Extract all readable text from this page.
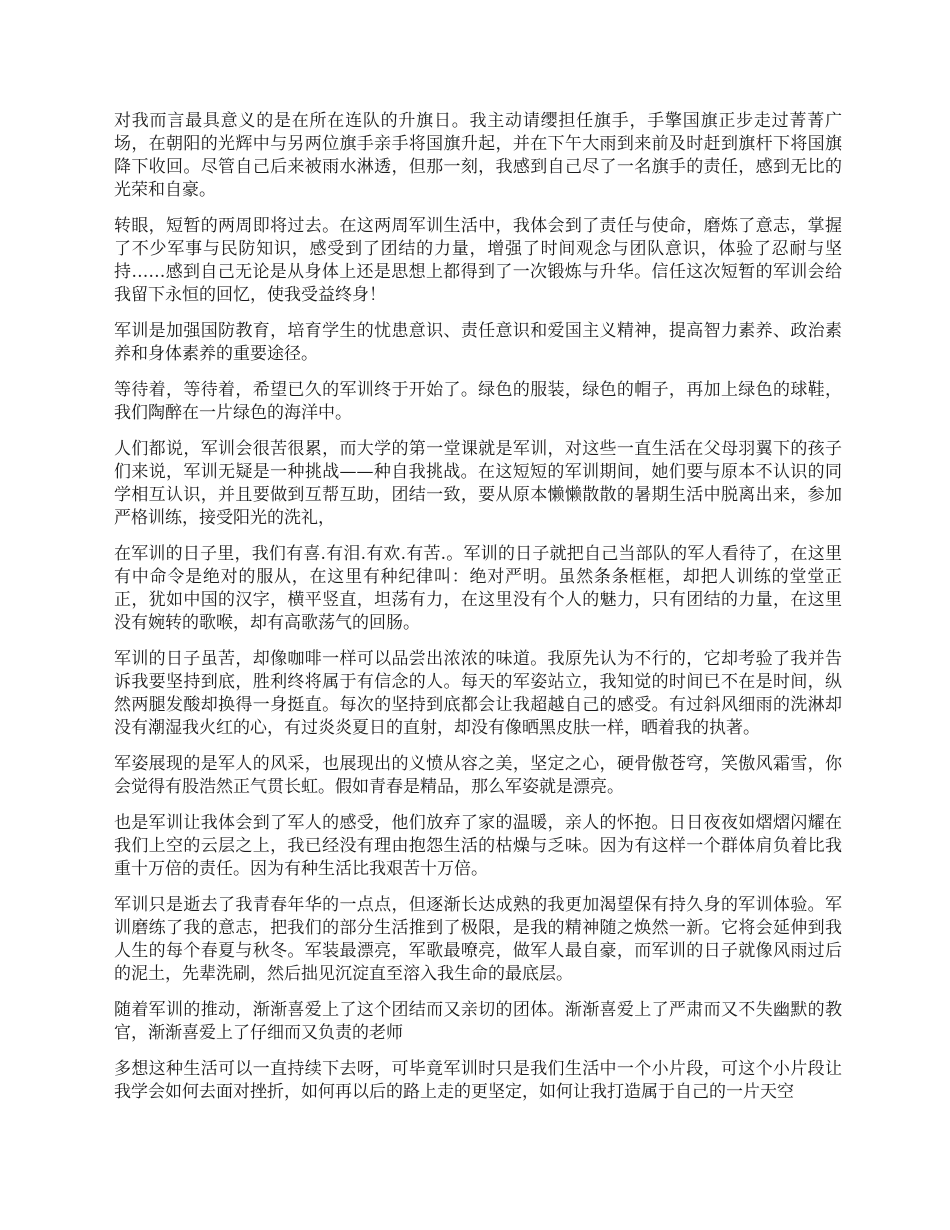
对我而言最具意义的是在所在连队的升旗日。我主动请缨担任旗手，手擎国旗正步走过菁菁广场，在朝阳的光辉中与另两位旗手亲手将国旗升起，并在下午大雨到来前及时赶到旗杆下将国旗降下收回。尽管自己后来被雨水淋透，但那一刻，我感到自己尽了一名旗手的责任，感到无比的光荣和自豪。

转眼，短暂的两周即将过去。在这两周军训生活中，我体会到了责任与使命，磨炼了意志，掌握了不少军事与民防知识，感受到了团结的力量，增强了时间观念与团队意识，体验了忍耐与坚持……感到自己无论是从身体上还是思想上都得到了一次锻炼与升华。信任这次短暂的军训会给我留下永恒的回忆，使我受益终身！

军训是加强国防教育，培育学生的忧患意识、责任意识和爱国主义精神，提高智力素养、政治素养和身体素养的重要途径。

等待着，等待着，希望已久的军训终于开始了。绿色的服装，绿色的帽子，再加上绿色的球鞋，我们陶醉在一片绿色的海洋中。

人们都说，军训会很苦很累，而大学的第一堂课就是军训，对这些一直生活在父母羽翼下的孩子们来说，军训无疑是一种挑战——种自我挑战。在这短短的军训期间，她们要与原本不认识的同学相互认识，并且要做到互帮互助，团结一致，要从原本懒懒散散的暑期生活中脱离出来，参加严格训练，接受阳光的洗礼，

在军训的日子里，我们有喜.有泪.有欢.有苦.。军训的日子就把自己当部队的军人看待了，在这里有中命令是绝对的服从，在这里有种纪律叫：绝对严明。虽然条条框框，却把人训练的堂堂正正，犹如中国的汉字，横平竖直，坦荡有力，在这里没有个人的魅力，只有团结的力量，在这里没有婉转的歌喉，却有高歌荡气的回肠。

军训的日子虽苦，却像咖啡一样可以品尝出浓浓的味道。我原先认为不行的，它却考验了我并告诉我要坚持到底，胜利终将属于有信念的人。每天的军姿站立，我知觉的时间已不在是时间，纵然两腿发酸却换得一身挺直。每次的坚持到底都会让我超越自己的感受。有过斜风细雨的洗淋却没有潮湿我火红的心，有过炎炎夏日的直射，却没有像晒黑皮肤一样，晒着我的执著。

军姿展现的是军人的风采，也展现出的义愤从容之美，坚定之心，硬骨傲苍穹，笑傲风霜雪，你会觉得有股浩然正气贯长虹。假如青春是精品，那么军姿就是漂亮。

也是军训让我体会到了军人的感受，他们放弃了家的温暖，亲人的怀抱。日日夜夜如熠熠闪耀在我们上空的云层之上，我已经没有理由抱怨生活的枯燥与乏味。因为有这样一个群体肩负着比我重十万倍的责任。因为有种生活比我艰苦十万倍。

军训只是逝去了我青春年华的一点点，但逐渐长达成熟的我更加渴望保有持久身的军训体验。军训磨练了我的意志，把我们的部分生活推到了极限，是我的精神随之焕然一新。它将会延伸到我人生的每个春夏与秋冬。军装最漂亮，军歌最嘹亮，做军人最自豪，而军训的日子就像风雨过后的泥土，先辈洗刷，然后拙见沉淀直至溶入我生命的最底层。

随着军训的推动，渐渐喜爱上了这个团结而又亲切的团体。渐渐喜爱上了严肃而又不失幽默的教官，渐渐喜爱上了仔细而又负责的老师

多想这种生活可以一直持续下去呀，可毕竟军训时只是我们生活中一个小片段，可这个小片段让我学会如何去面对挫折，如何再以后的路上走的更坚定，如何让我打造属于自己的一片天空
